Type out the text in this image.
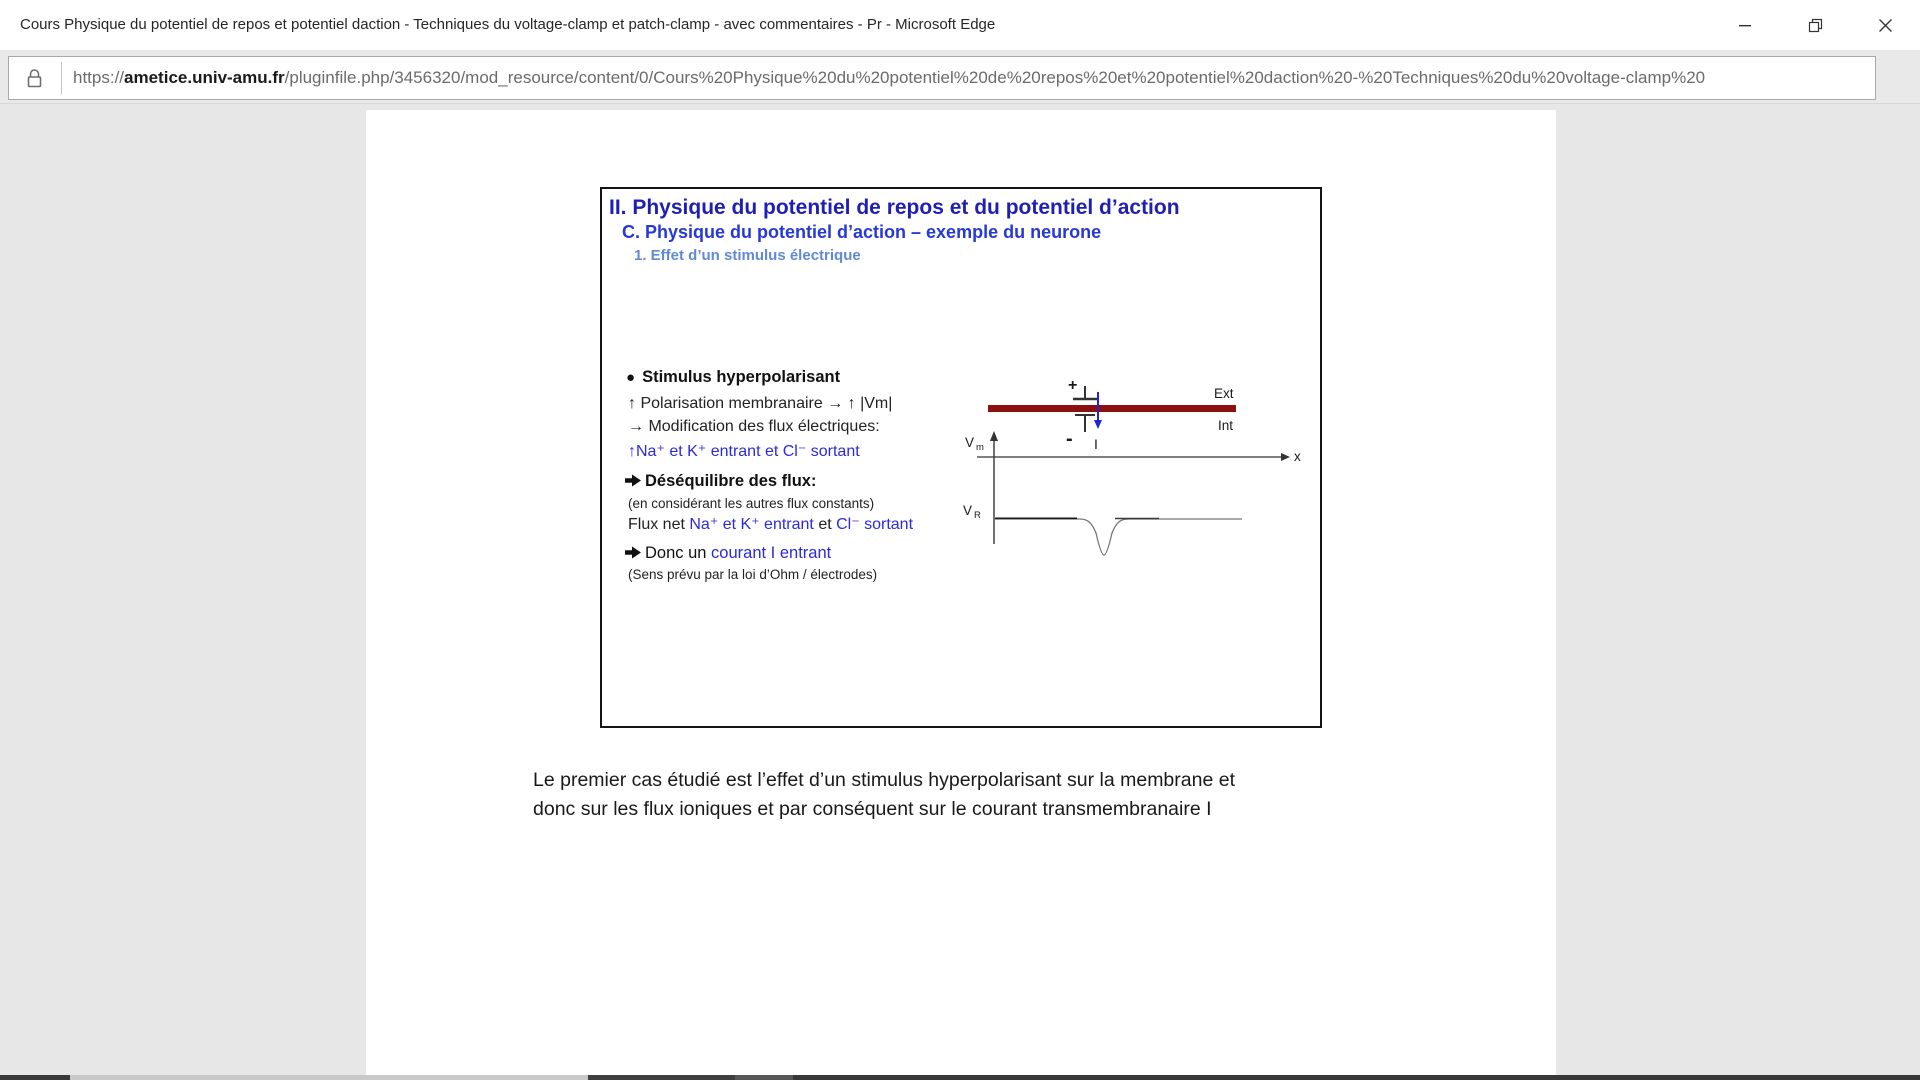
Cours Physique du potentiel de repos et potentiel daction - Techniques du voltage-clamp et patch-clamp - avec commentaires - Pr - Microsoft Edge
https://ametice.univ-amu.fr/pluginfile.php/3456320/mod_resource/content/0/Cours%20Physique%20du%20potentiel%20de%20repos%20et%20potentiel%20daction%20-%20Techniques%20du%20voltage-clamp%20
II. Physique du potentiel de repos et du potentiel d’action
C. Physique du potentiel d’action – exemple du neurone
1. Effet d’un stimulus électrique
● Stimulus hyperpolarisant
↑ Polarisation membranaire → ↑ |Vm|
→ Modification des flux électriques:
↑Na⁺ et K⁺ entrant et Cl⁻ sortant
Déséquilibre des flux:
(en considérant les autres flux constants)
Flux net Na⁺ et K⁺ entrant et Cl⁻ sortant
Donc un courant I entrant
(Sens prévu par la loi d’Ohm / électrodes)
+
- I
Ext
Int
V m
x
V R
Le premier cas étudié est l’effet d’un stimulus hyperpolarisant sur la membrane et
donc sur les flux ioniques et par conséquent sur le courant transmembranaire I
